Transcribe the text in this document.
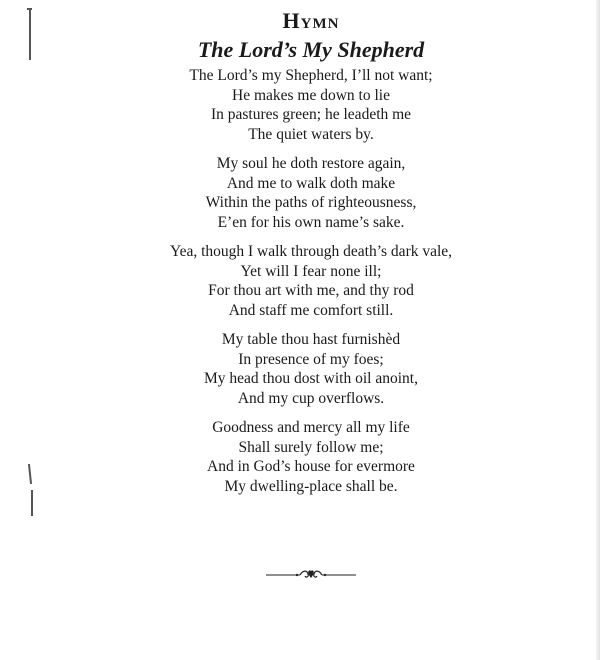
Hymn
The Lord’s My Shepherd
The Lord’s my Shepherd, I’ll not want;
He makes me down to lie
In pastures green; he leadeth me
The quiet waters by.
My soul he doth restore again,
And me to walk doth make
Within the paths of righteousness,
E’en for his own name’s sake.
Yea, though I walk through death’s dark vale,
Yet will I fear none ill;
For thou art with me, and thy rod
And staff me comfort still.
My table thou hast furnishèd
In presence of my foes;
My head thou dost with oil anoint,
And my cup overflows.
Goodness and mercy all my life
Shall surely follow me;
And in God’s house for evermore
My dwelling-place shall be.
